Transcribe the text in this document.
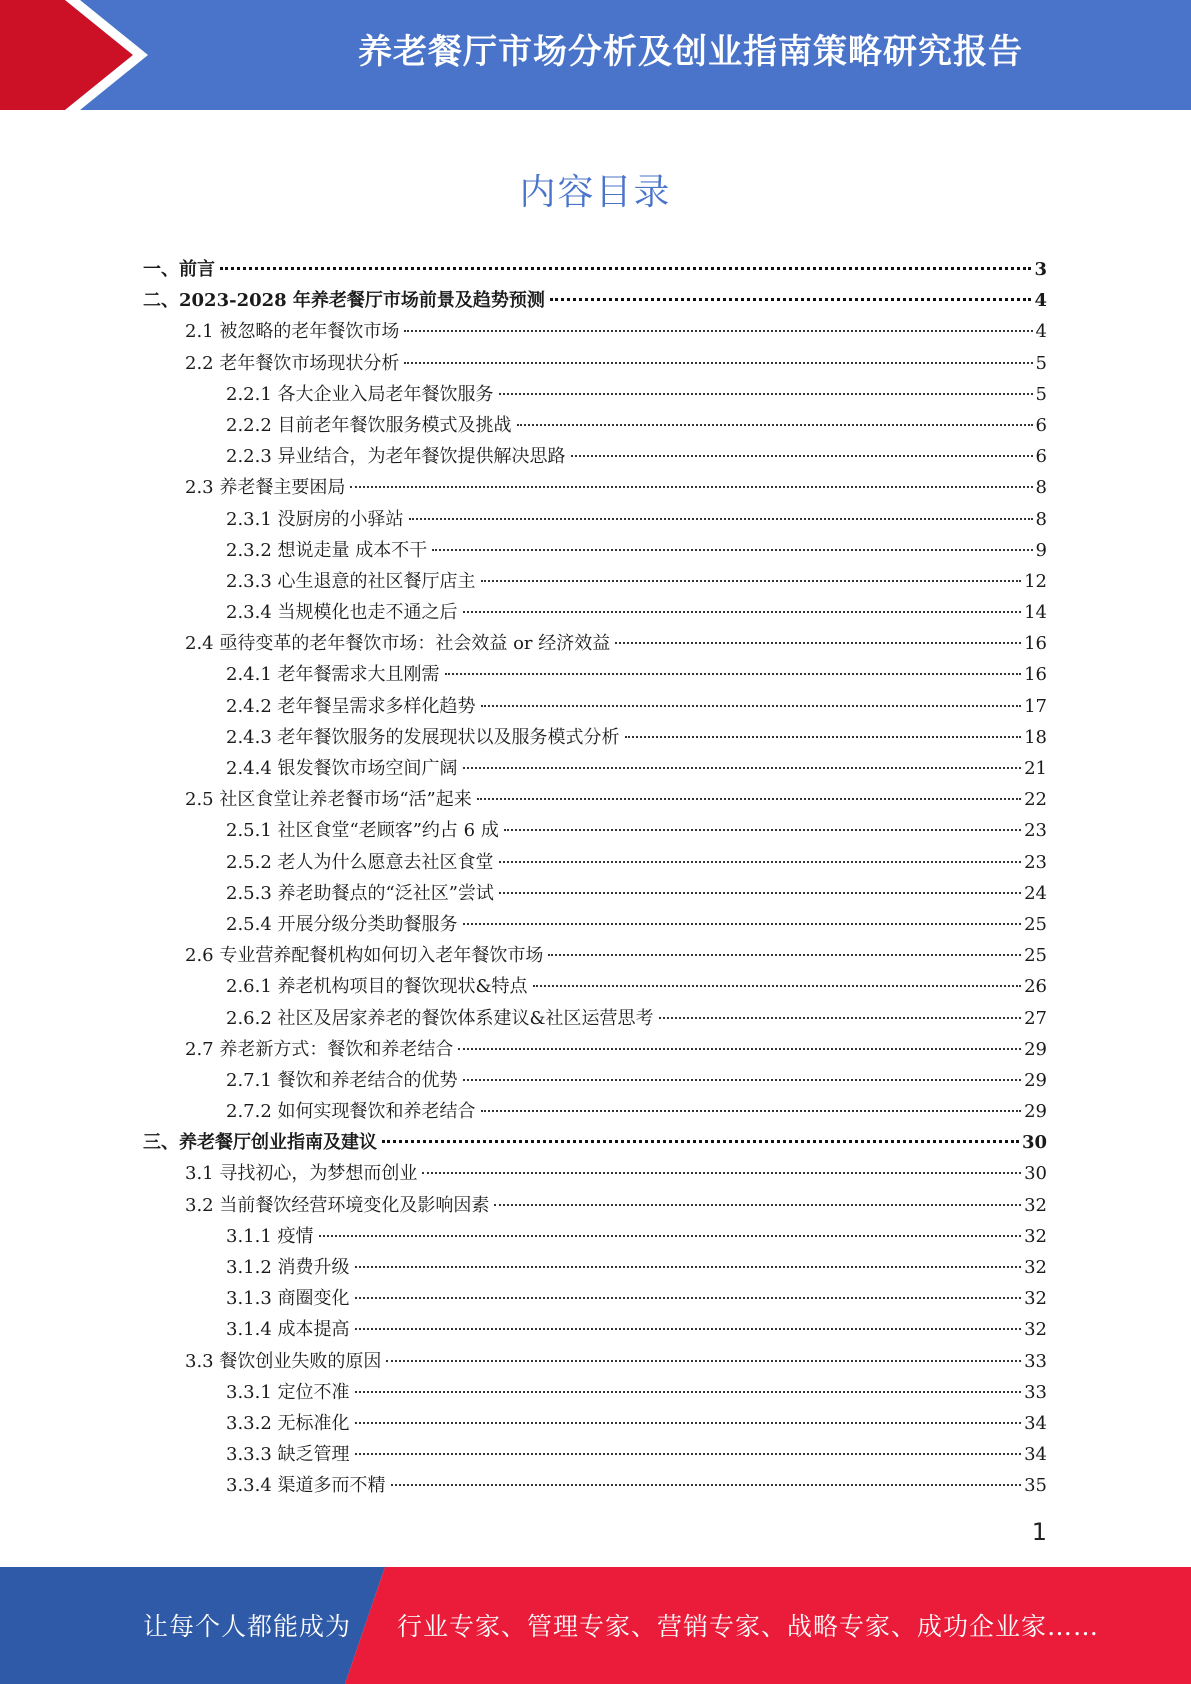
养老餐厅市场分析及创业指南策略研究报告
内容目录
一、前言	3
二、2023-2028 年养老餐厅市场前景及趋势预测	4
2.1 被忽略的老年餐饮市场	4
2.2 老年餐饮市场现状分析	5
2.2.1 各大企业入局老年餐饮服务	5
2.2.2 目前老年餐饮服务模式及挑战	6
2.2.3 异业结合，为老年餐饮提供解决思路	6
2.3 养老餐主要困局	8
2.3.1 没厨房的小驿站	8
2.3.2 想说走量 成本不干	9
2.3.3 心生退意的社区餐厅店主	12
2.3.4 当规模化也走不通之后	14
2.4 亟待变革的老年餐饮市场：社会效益 or 经济效益	16
2.4.1 老年餐需求大且刚需	16
2.4.2 老年餐呈需求多样化趋势	17
2.4.3 老年餐饮服务的发展现状以及服务模式分析	18
2.4.4 银发餐饮市场空间广阔	21
2.5 社区食堂让养老餐市场“活”起来	22
2.5.1 社区食堂“老顾客”约占 6 成	23
2.5.2 老人为什么愿意去社区食堂	23
2.5.3 养老助餐点的“泛社区”尝试	24
2.5.4 开展分级分类助餐服务	25
2.6 专业营养配餐机构如何切入老年餐饮市场	25
2.6.1 养老机构项目的餐饮现状&特点	26
2.6.2 社区及居家养老的餐饮体系建议&社区运营思考	27
2.7 养老新方式：餐饮和养老结合	29
2.7.1 餐饮和养老结合的优势	29
2.7.2 如何实现餐饮和养老结合	29
三、养老餐厅创业指南及建议	30
3.1 寻找初心，为梦想而创业	30
3.2 当前餐饮经营环境变化及影响因素	32
3.1.1 疫情	32
3.1.2 消费升级	32
3.1.3 商圈变化	32
3.1.4 成本提高	32
3.3 餐饮创业失败的原因	33
3.3.1 定位不准	33
3.3.2 无标准化	34
3.3.3 缺乏管理	34
3.3.4 渠道多而不精	35
1
让每个人都能成为 行业专家、管理专家、营销专家、战略专家、成功企业家……
